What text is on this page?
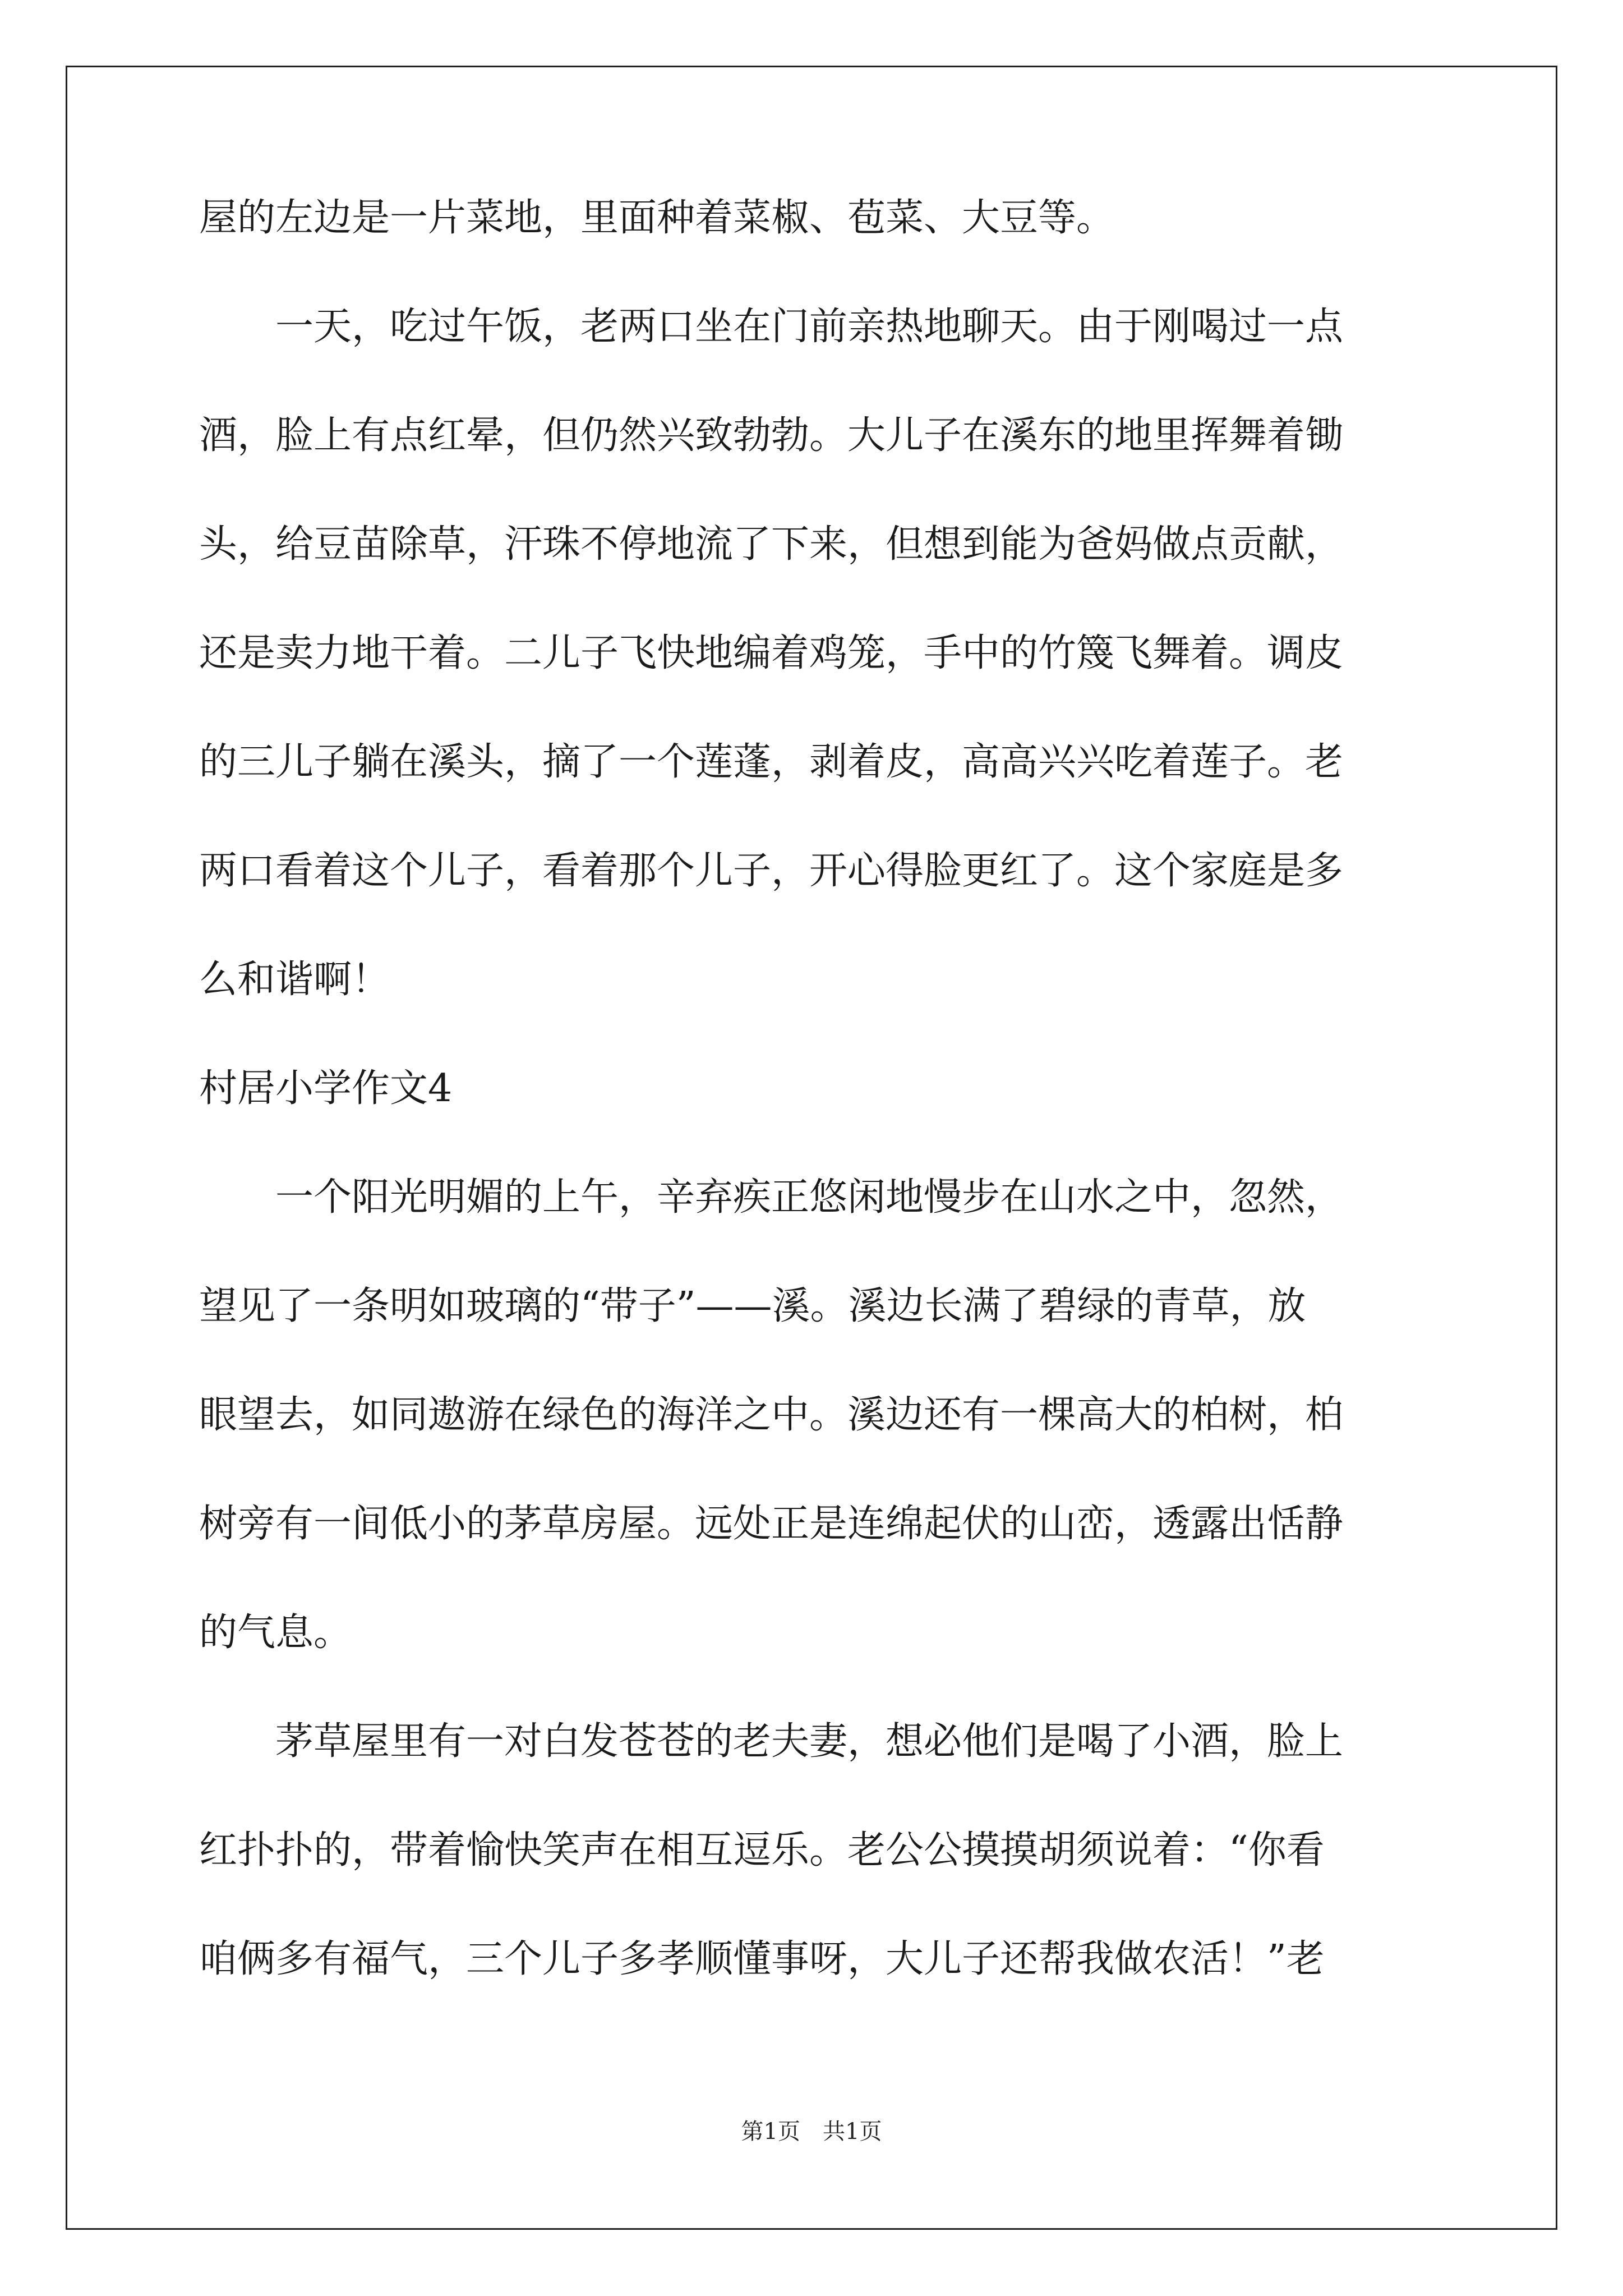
屋的左边是一片菜地，里面种着菜椒、苞菜、大豆等。
　　一天，吃过午饭，老两口坐在门前亲热地聊天。由于刚喝过一点
酒，脸上有点红晕，但仍然兴致勃勃。大儿子在溪东的地里挥舞着锄
头，给豆苗除草，汗珠不停地流了下来，但想到能为爸妈做点贡献，
还是卖力地干着。二儿子飞快地编着鸡笼，手中的竹篾飞舞着。调皮
的三儿子躺在溪头，摘了一个莲蓬，剥着皮，高高兴兴吃着莲子。老
两口看着这个儿子，看着那个儿子，开心得脸更红了。这个家庭是多
么和谐啊！
村居小学作文4
　　一个阳光明媚的上午，辛弃疾正悠闲地慢步在山水之中，忽然，
望见了一条明如玻璃的“带子”——溪。溪边长满了碧绿的青草，放
眼望去，如同遨游在绿色的海洋之中。溪边还有一棵高大的柏树，柏
树旁有一间低小的茅草房屋。远处正是连绵起伏的山峦，透露出恬静
的气息。
　　茅草屋里有一对白发苍苍的老夫妻，想必他们是喝了小酒，脸上
红扑扑的，带着愉快笑声在相互逗乐。老公公摸摸胡须说着：“你看
咱俩多有福气，三个儿子多孝顺懂事呀，大儿子还帮我做农活！”老
第1页　共1页
